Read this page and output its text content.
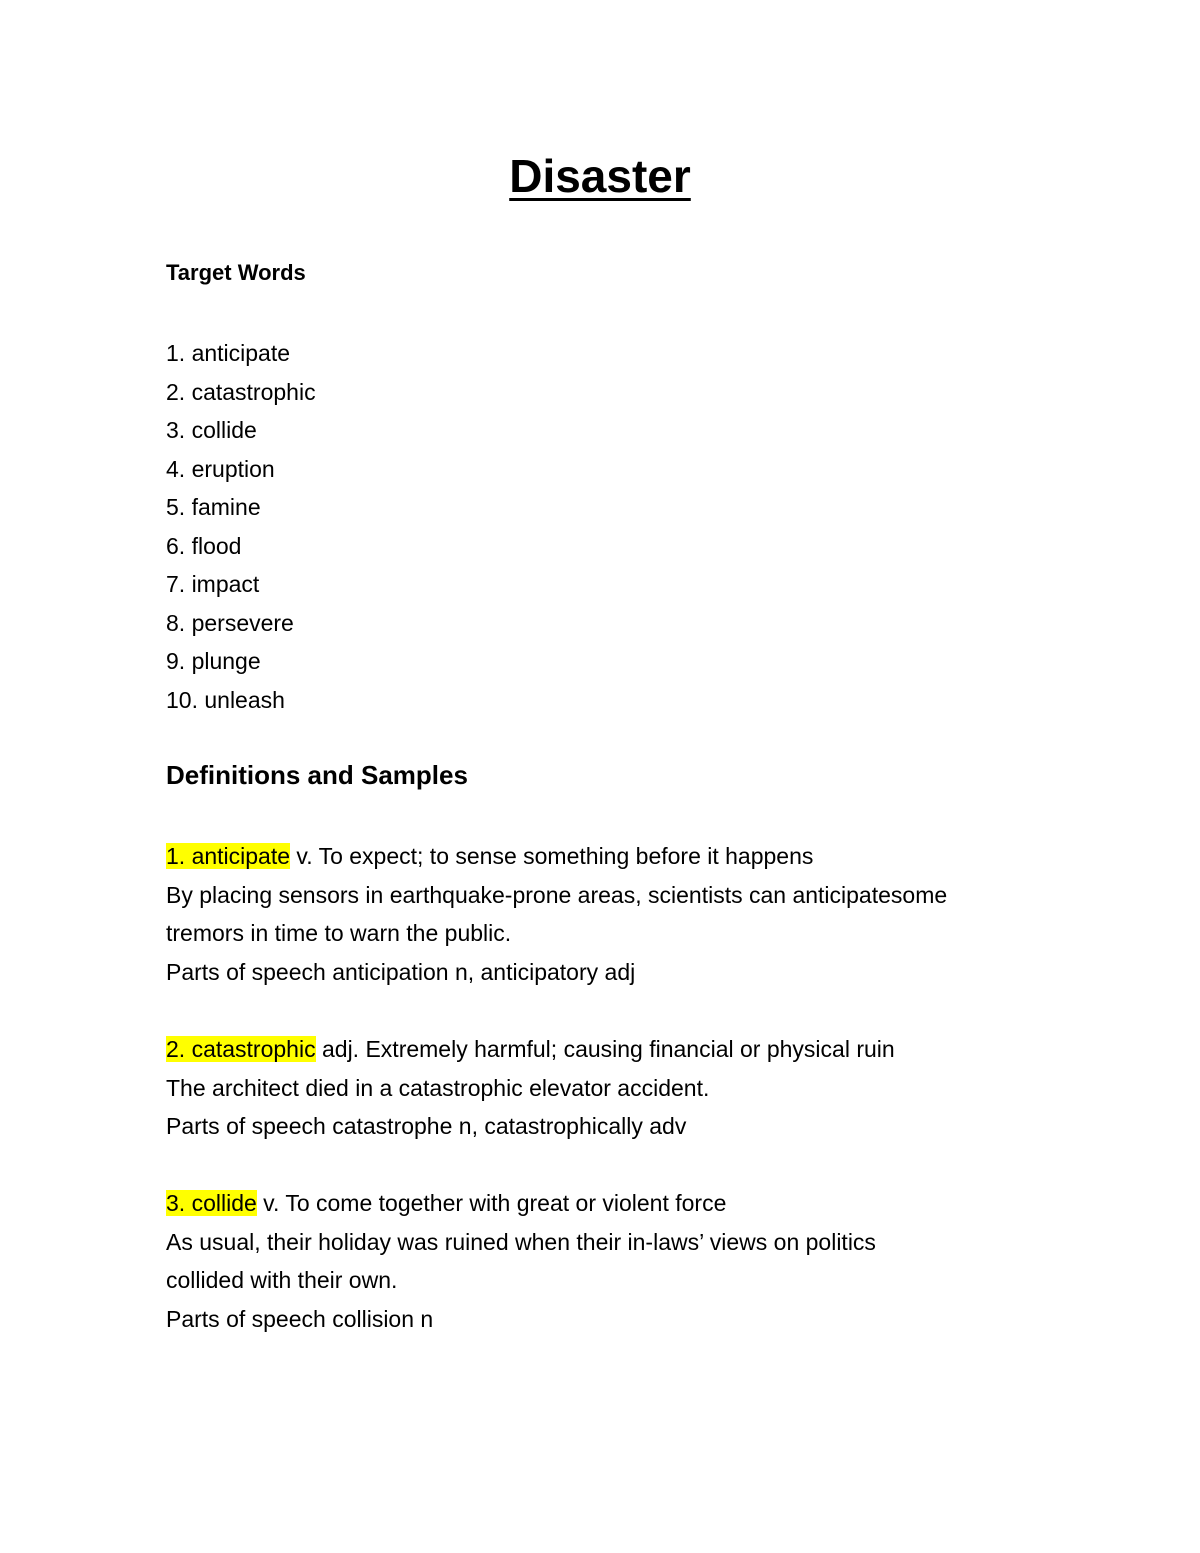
Disaster
Target Words
1. anticipate
2. catastrophic
3. collide
4. eruption
5. famine
6. flood
7. impact
8. persevere
9. plunge
10. unleash
Definitions and Samples
1. anticipate v. To expect; to sense something before it happens
By placing sensors in earthquake-prone areas, scientists can anticipatesome
tremors in time to warn the public.
Parts of speech anticipation n, anticipatory adj
2. catastrophic adj. Extremely harmful; causing financial or physical ruin
The architect died in a catastrophic elevator accident.
Parts of speech catastrophe n, catastrophically adv
3. collide v. To come together with great or violent force
As usual, their holiday was ruined when their in-laws’ views on politics
collided with their own.
Parts of speech collision n
